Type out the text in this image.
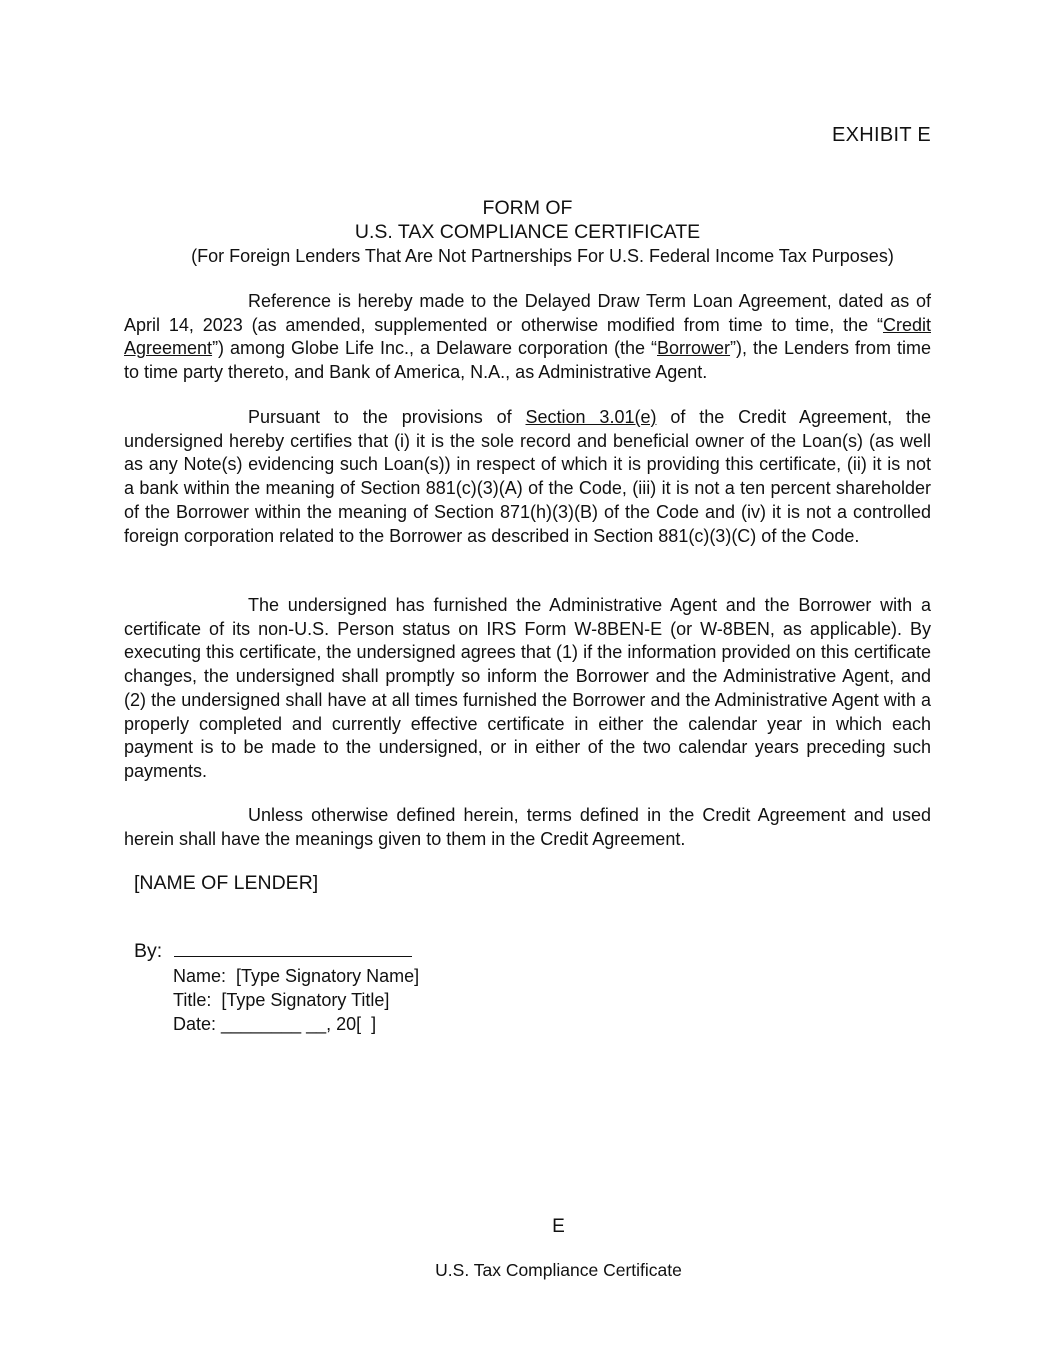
EXHIBIT E
FORM OF
U.S. TAX COMPLIANCE CERTIFICATE
(For Foreign Lenders That Are Not Partnerships For U.S. Federal Income Tax Purposes)

Reference is hereby made to the Delayed Draw Term Loan Agreement, dated as of April 14, 2023 (as amended, supplemented or otherwise modified from time to time, the “Credit Agreement”) among Globe Life Inc., a Delaware corporation (the “Borrower”), the Lenders from time to time party thereto, and Bank of America, N.A., as Administrative Agent.

Pursuant to the provisions of Section 3.01(e) of the Credit Agreement, the undersigned hereby certifies that (i) it is the sole record and beneficial owner of the Loan(s) (as well as any Note(s) evidencing such Loan(s)) in respect of which it is providing this certificate, (ii) it is not a bank within the meaning of Section 881(c)(3)(A) of the Code, (iii) it is not a ten percent shareholder of the Borrower within the meaning of Section 871(h)(3)(B) of the Code and (iv) it is not a controlled foreign corporation related to the Borrower as described in Section 881(c)(3)(C) of the Code.

The undersigned has furnished the Administrative Agent and the Borrower with a certificate of its non-U.S. Person status on IRS Form W-8BEN-E (or W-8BEN, as applicable). By executing this certificate, the undersigned agrees that (1) if the information provided on this certificate changes, the undersigned shall promptly so inform the Borrower and the Administrative Agent, and (2) the undersigned shall have at all times furnished the Borrower and the Administrative Agent with a properly completed and currently effective certificate in either the calendar year in which each payment is to be made to the undersigned, or in either of the two calendar years preceding such payments.

Unless otherwise defined herein, terms defined in the Credit Agreement and used herein shall have the meanings given to them in the Credit Agreement.

[NAME OF LENDER]
By:
Name:  [Type Signatory Name]
Title:  [Type Signatory Title]
Date: ________ __, 20[  ]
E
U.S. Tax Compliance Certificate
